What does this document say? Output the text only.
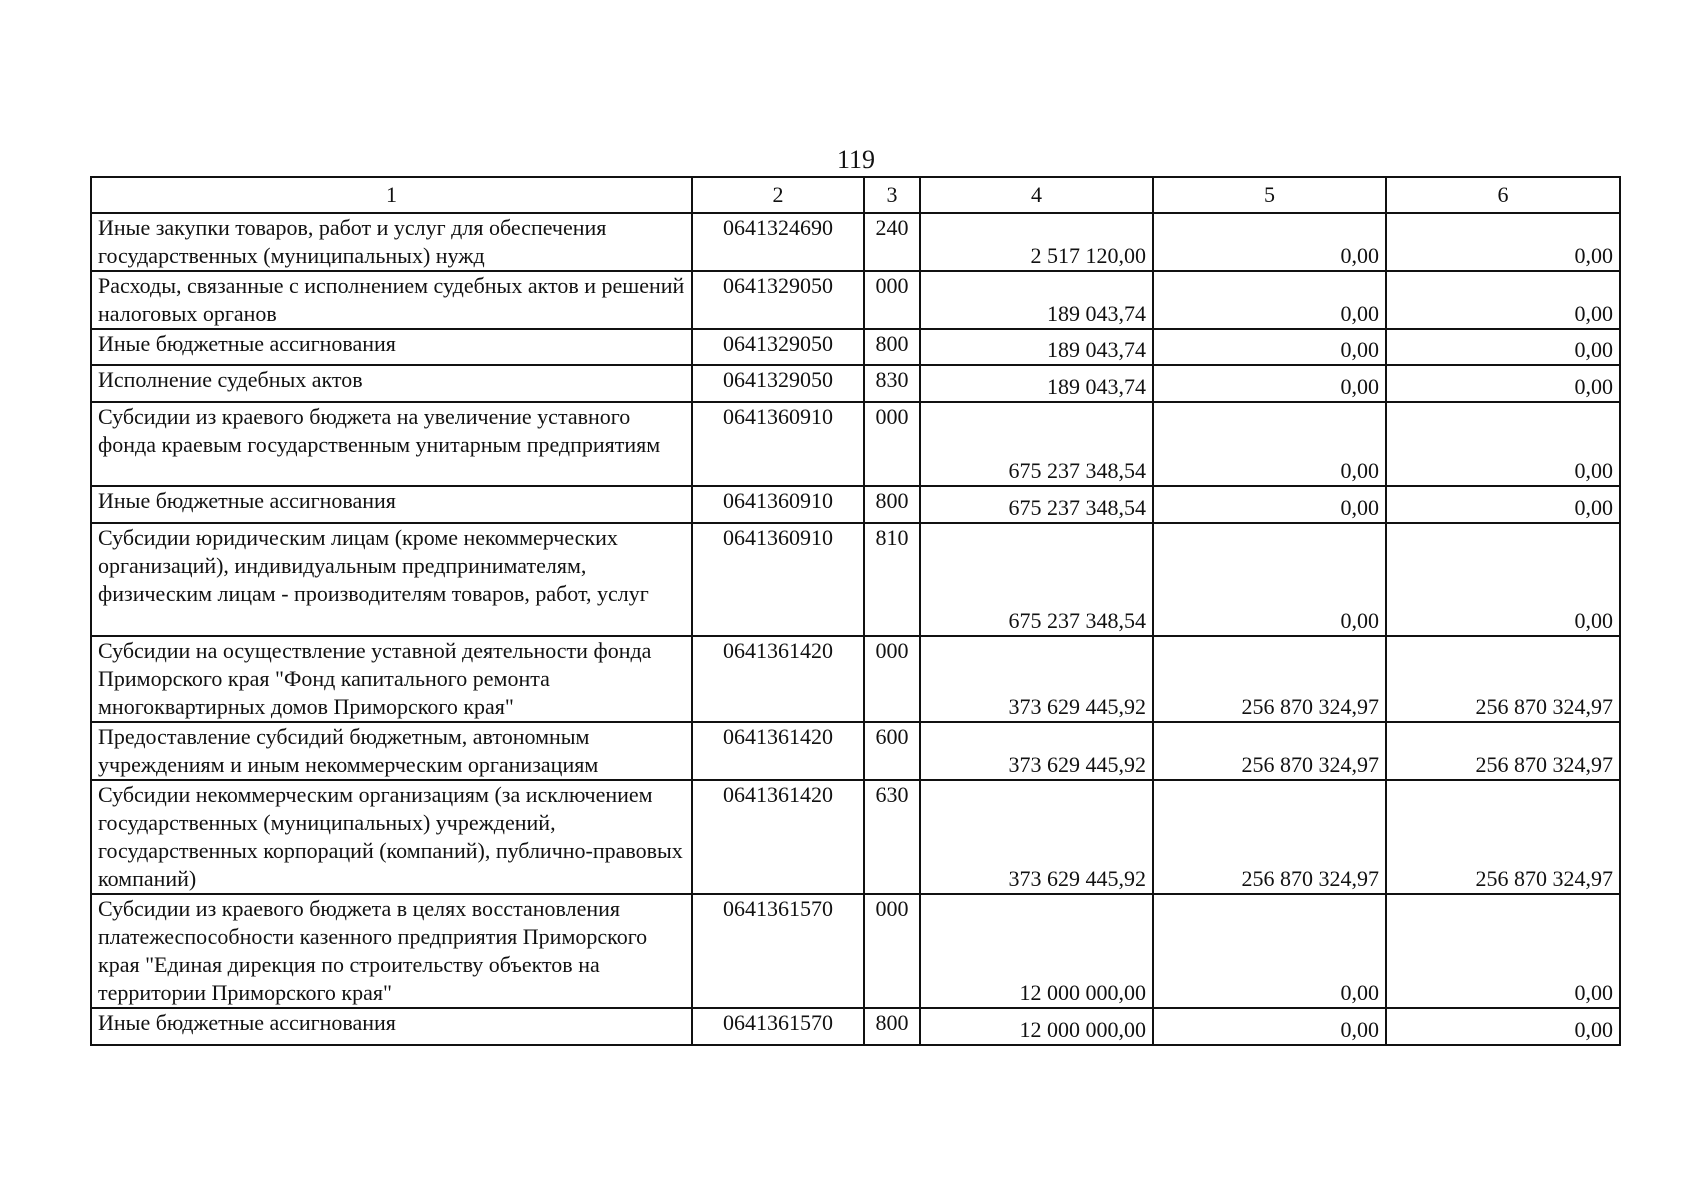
119
1	2	3	4	5	6
Иные закупки товаров, работ и услуг для обеспечения государственных (муниципальных) нужд	0641324690	240	2 517 120,00	0,00	0,00
Расходы, связанные с исполнением судебных актов и решений налоговых органов	0641329050	000	189 043,74	0,00	0,00
Иные бюджетные ассигнования	0641329050	800	189 043,74	0,00	0,00
Исполнение судебных актов	0641329050	830	189 043,74	0,00	0,00
Субсидии из краевого бюджета на увеличение уставного фонда краевым государственным унитарным предприятиям	0641360910	000	675 237 348,54	0,00	0,00
Иные бюджетные ассигнования	0641360910	800	675 237 348,54	0,00	0,00
Субсидии юридическим лицам (кроме некоммерческих организаций), индивидуальным предпринимателям, физическим лицам - производителям товаров, работ, услуг	0641360910	810	675 237 348,54	0,00	0,00
Субсидии на осуществление уставной деятельности фонда Приморского края "Фонд капитального ремонта многоквартирных домов Приморского края"	0641361420	000	373 629 445,92	256 870 324,97	256 870 324,97
Предоставление субсидий бюджетным, автономным учреждениям и иным некоммерческим организациям	0641361420	600	373 629 445,92	256 870 324,97	256 870 324,97
Субсидии некоммерческим организациям (за исключением государственных (муниципальных) учреждений, государственных корпораций (компаний), публично-правовых компаний)	0641361420	630	373 629 445,92	256 870 324,97	256 870 324,97
Субсидии из краевого бюджета в целях восстановления платежеспособности казенного предприятия Приморского края "Единая дирекция по строительству объектов на территории Приморского края"	0641361570	000	12 000 000,00	0,00	0,00
Иные бюджетные ассигнования	0641361570	800	12 000 000,00	0,00	0,00
